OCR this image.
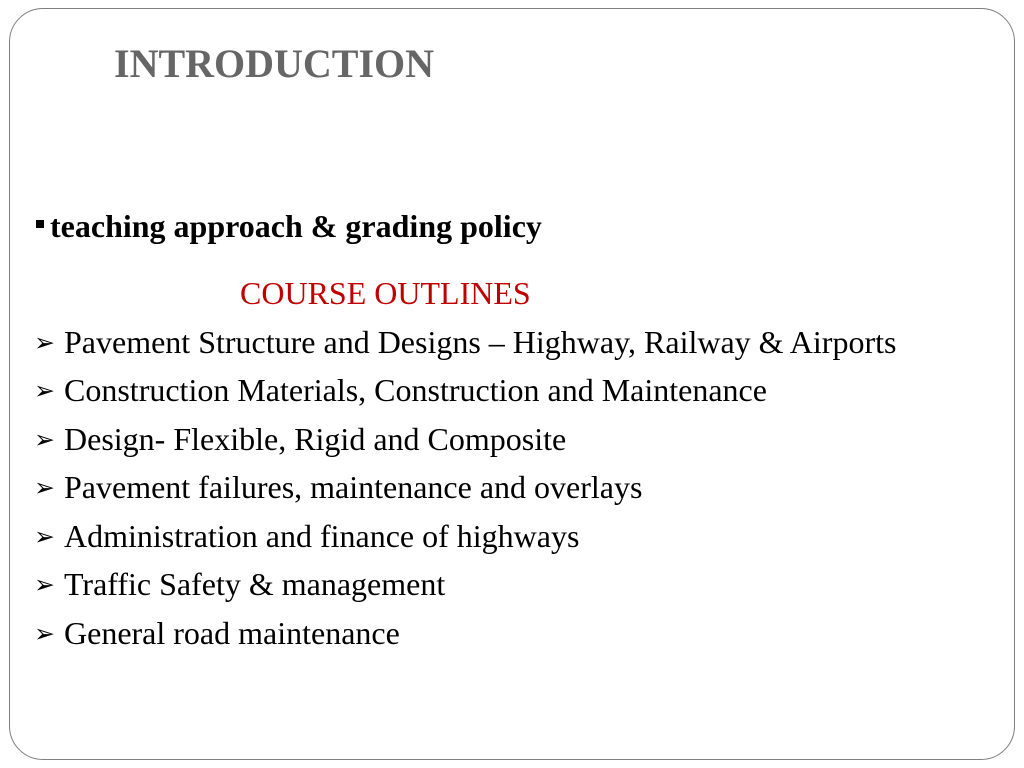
INTRODUCTION
teaching approach & grading policy
COURSE OUTLINES
➢ Pavement Structure and Designs – Highway, Railway & Airports
➢ Construction Materials, Construction and Maintenance
➢ Design- Flexible, Rigid and Composite
➢ Pavement failures, maintenance and overlays
➢ Administration and finance of highways
➢ Traffic Safety & management
➢ General road maintenance
